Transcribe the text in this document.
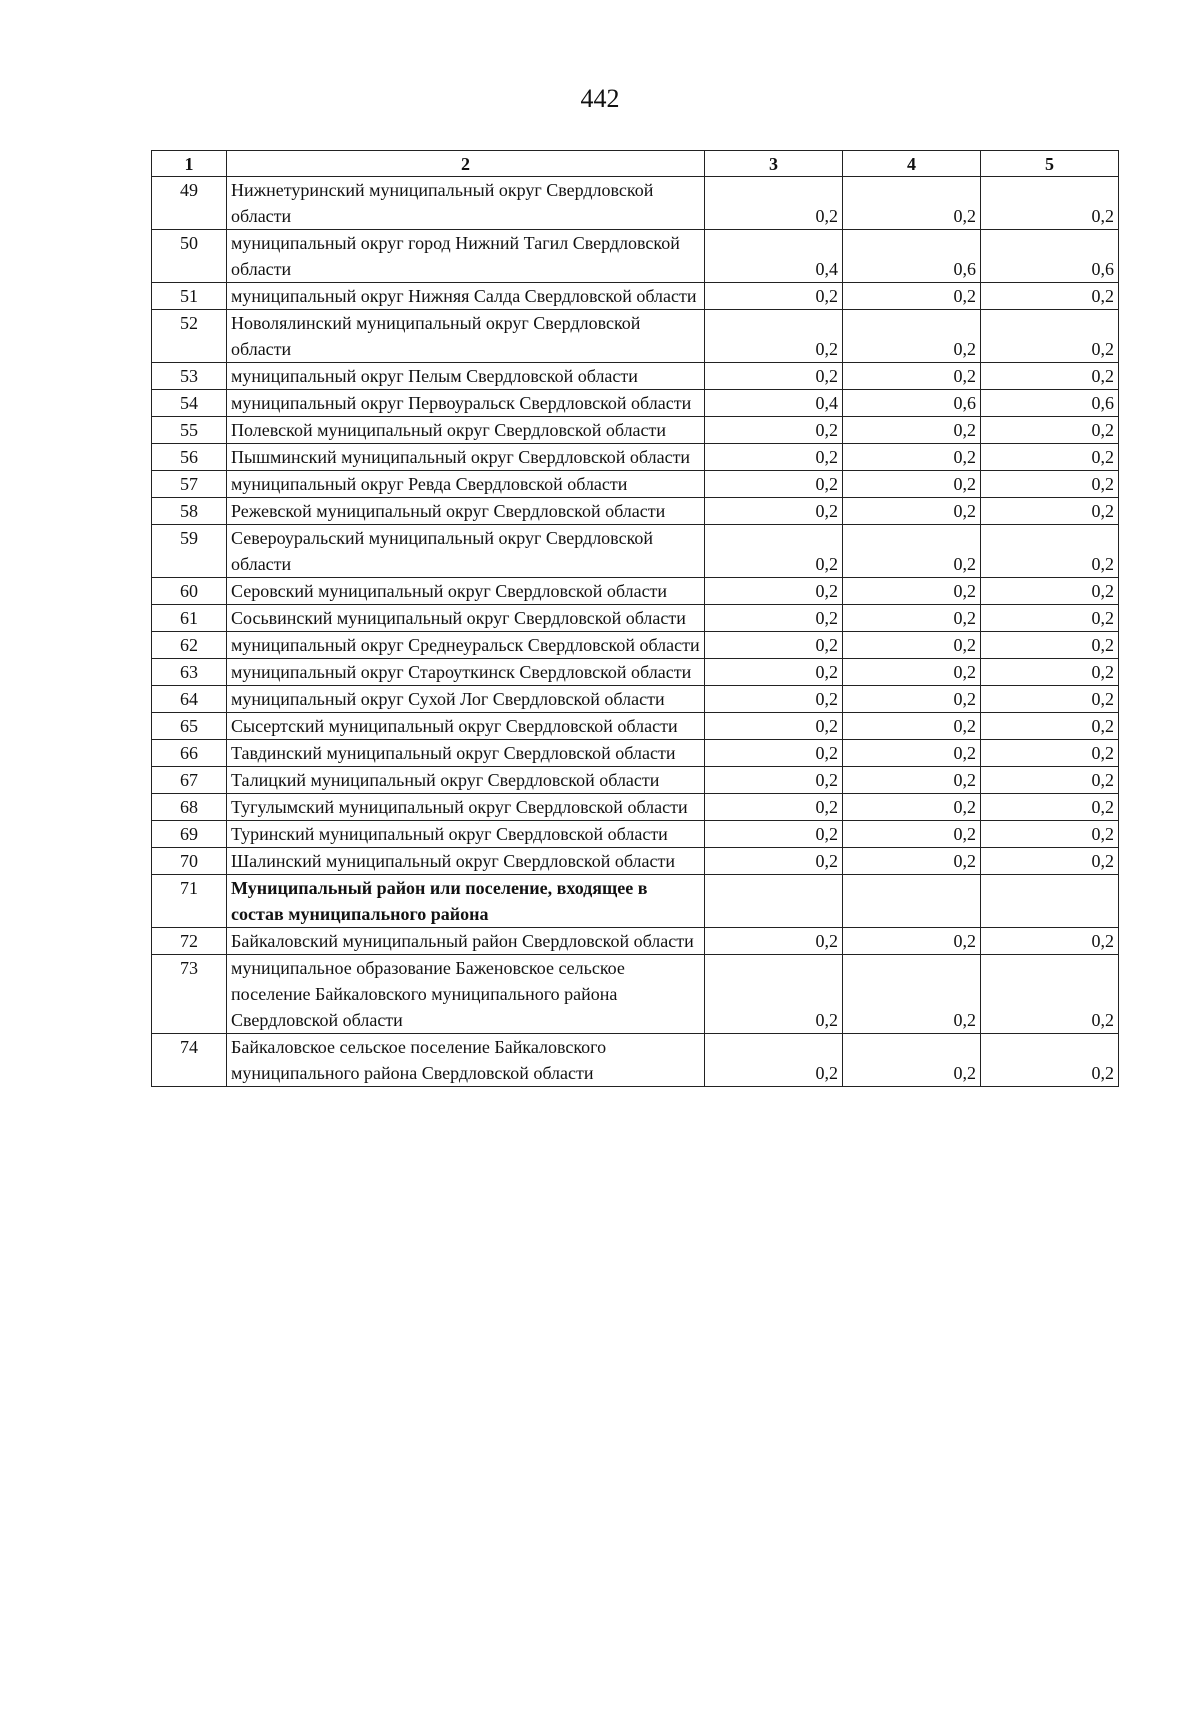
442
1	2	3	4	5
49	Нижнетуринский муниципальный округ Свердловской области	0,2	0,2	0,2
50	муниципальный округ город Нижний Тагил Свердловской области	0,4	0,6	0,6
51	муниципальный округ Нижняя Салда Свердловской области	0,2	0,2	0,2
52	Новолялинский муниципальный округ Свердловской области	0,2	0,2	0,2
53	муниципальный округ Пелым Свердловской области	0,2	0,2	0,2
54	муниципальный округ Первоуральск Свердловской области	0,4	0,6	0,6
55	Полевской муниципальный округ Свердловской области	0,2	0,2	0,2
56	Пышминский муниципальный округ Свердловской области	0,2	0,2	0,2
57	муниципальный округ Ревда Свердловской области	0,2	0,2	0,2
58	Режевской муниципальный округ Свердловской области	0,2	0,2	0,2
59	Североуральский муниципальный округ Свердловской области	0,2	0,2	0,2
60	Серовский муниципальный округ Свердловской области	0,2	0,2	0,2
61	Сосьвинский муниципальный округ Свердловской области	0,2	0,2	0,2
62	муниципальный округ Среднеуральск Свердловской области	0,2	0,2	0,2
63	муниципальный округ Староуткинск Свердловской области	0,2	0,2	0,2
64	муниципальный округ Сухой Лог Свердловской области	0,2	0,2	0,2
65	Сысертский муниципальный округ Свердловской области	0,2	0,2	0,2
66	Тавдинский муниципальный округ Свердловской области	0,2	0,2	0,2
67	Талицкий муниципальный округ Свердловской области	0,2	0,2	0,2
68	Тугулымский муниципальный округ Свердловской области	0,2	0,2	0,2
69	Туринский муниципальный округ Свердловской области	0,2	0,2	0,2
70	Шалинский муниципальный округ Свердловской области	0,2	0,2	0,2
71	Муниципальный район или поселение, входящее в состав муниципального района			
72	Байкаловский муниципальный район Свердловской области	0,2	0,2	0,2
73	муниципальное образование Баженовское сельское поселение Байкаловского муниципального района Свердловской области	0,2	0,2	0,2
74	Байкаловское сельское поселение Байкаловского муниципального района Свердловской области	0,2	0,2	0,2
